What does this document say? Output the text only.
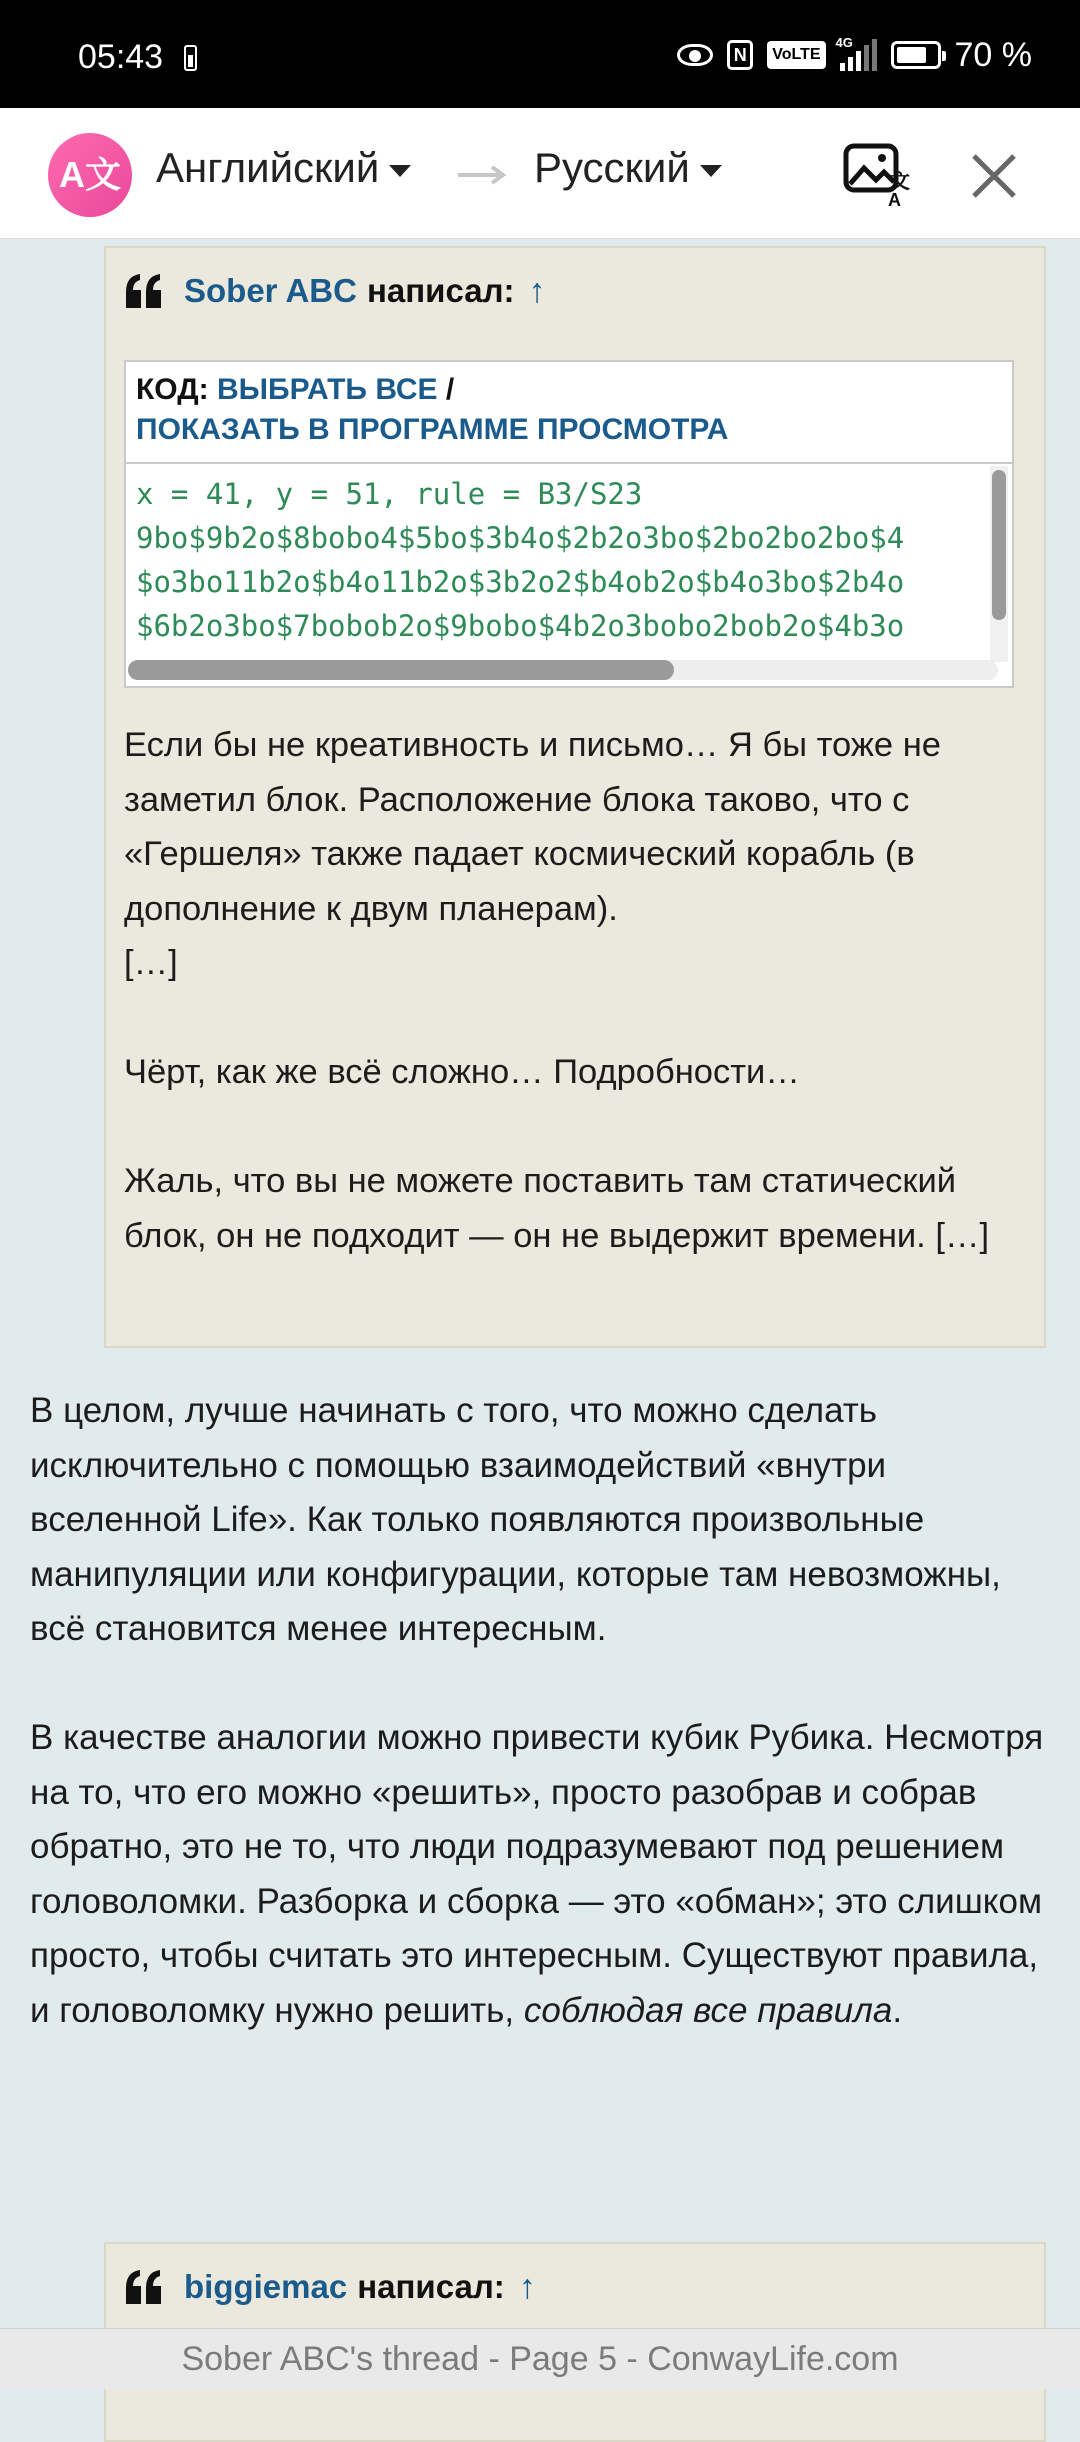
05:43	N	VoLTE
4G	70 %
A文 Английский	Русский	文
A
Sober ABC написал: ↑
КОД: ВЫБРАТЬ ВСЕ /
ПОКАЗАТЬ В ПРОГРАММЕ ПРОСМОТРА
x = 41, y = 51, rule = B3/S23
9bo$9b2o$8bobo4$5bo$3b4o$2b2o3bo$2bo2bo2bo$4
$o3bo11b2o$b4o11b2o$3b2o2$b4ob2o$b4o3bo$2b4o
$6b2o3bo$7bobob2o$9bobo$4b2o3bobo2bob2o$4b3o

Если бы не креативность и письмо… Я бы тоже не заметил блок. Расположение блока таково, что с «Гершеля» также падает космический корабль (в дополнение к двум планерам).

[…]

Чёрт, как же всё сложно… Подробности…

Жаль, что вы не можете поставить там статический блок, он не подходит — он не выдержит времени. […]

В целом, лучше начинать с того, что можно сделать исключительно с помощью взаимодействий «внутри вселенной Life». Как только появляются произвольные манипуляции или конфигурации, которые там невозможны, всё становится менее интересным.

В качестве аналогии можно привести кубик Рубика. Несмотря на то, что его можно «решить», просто разобрав и собрав обратно, это не то, что люди подразумевают под решением головоломки. Разборка и сборка — это «обман»; это слишком просто, чтобы считать это интересным. Существуют правила, и головоломку нужно решить, соблюдая все правила.

biggiemac написал: ↑
Sober ABC's thread - Page 5 - ConwayLife.com
